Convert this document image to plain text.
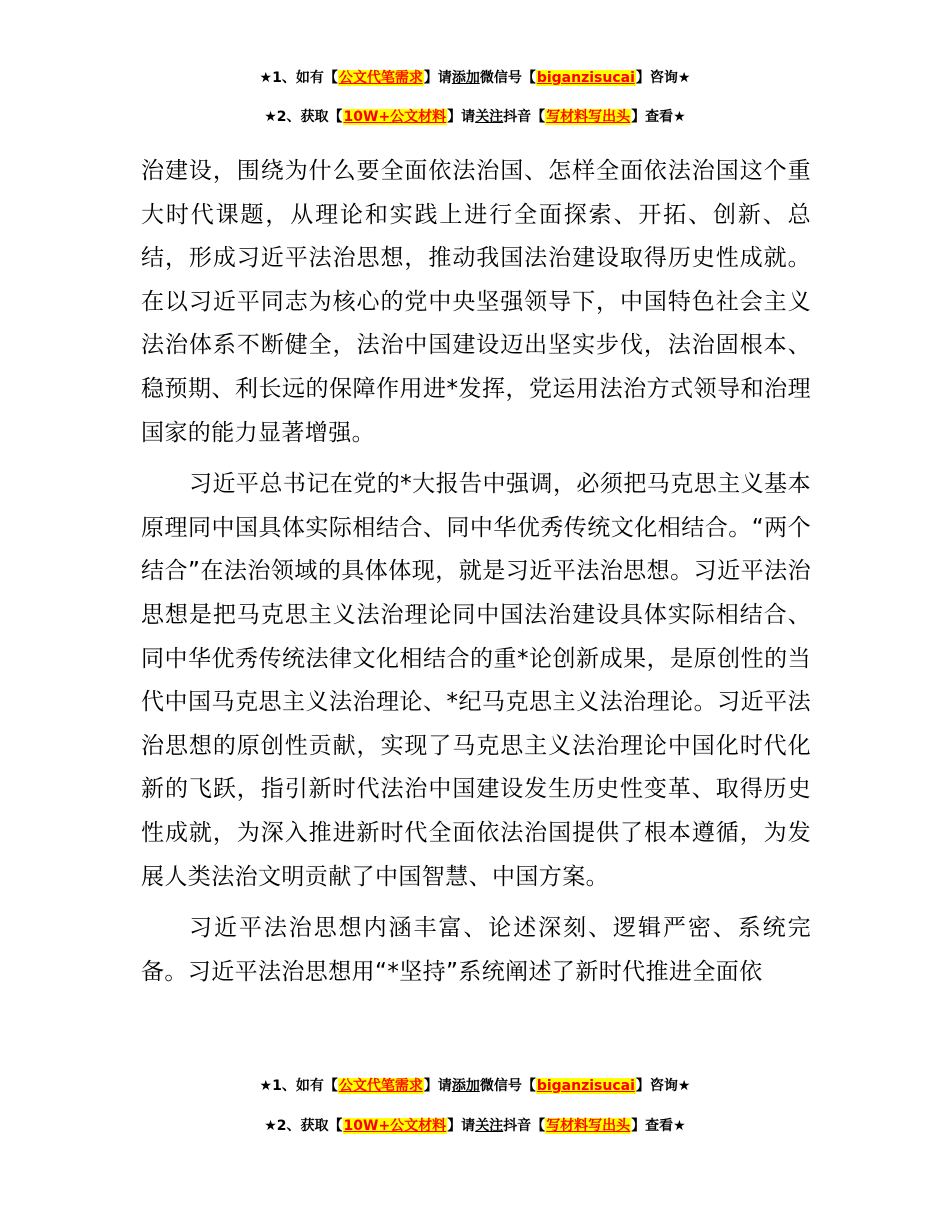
★1、如有【公文代笔需求】请添加微信号【biganzisucai】咨询★
★2、获取【10W+公文材料】请关注抖音【写材料写出头】查看★

治建设，围绕为什么要全面依法治国、怎样全面依法治国这个重大时代课题，从理论和实践上进行全面探索、开拓、创新、总结，形成习近平法治思想，推动我国法治建设取得历史性成就。在以习近平同志为核心的党中央坚强领导下，中国特色社会主义法治体系不断健全，法治中国建设迈出坚实步伐，法治固根本、稳预期、利长远的保障作用进*发挥，党运用法治方式领导和治理国家的能力显著增强。

习近平总书记在党的*大报告中强调，必须把马克思主义基本原理同中国具体实际相结合、同中华优秀传统文化相结合。“两个结合”在法治领域的具体体现，就是习近平法治思想。习近平法治思想是把马克思主义法治理论同中国法治建设具体实际相结合、同中华优秀传统法律文化相结合的重*论创新成果，是原创性的当代中国马克思主义法治理论、*纪马克思主义法治理论。习近平法治思想的原创性贡献，实现了马克思主义法治理论中国化时代化新的飞跃，指引新时代法治中国建设发生历史性变革、取得历史性成就，为深入推进新时代全面依法治国提供了根本遵循，为发展人类法治文明贡献了中国智慧、中国方案。

习近平法治思想内涵丰富、论述深刻、逻辑严密、系统完备。习近平法治思想用“*坚持”系统阐述了新时代推进全面依

★1、如有【公文代笔需求】请添加微信号【biganzisucai】咨询★
★2、获取【10W+公文材料】请关注抖音【写材料写出头】查看★
